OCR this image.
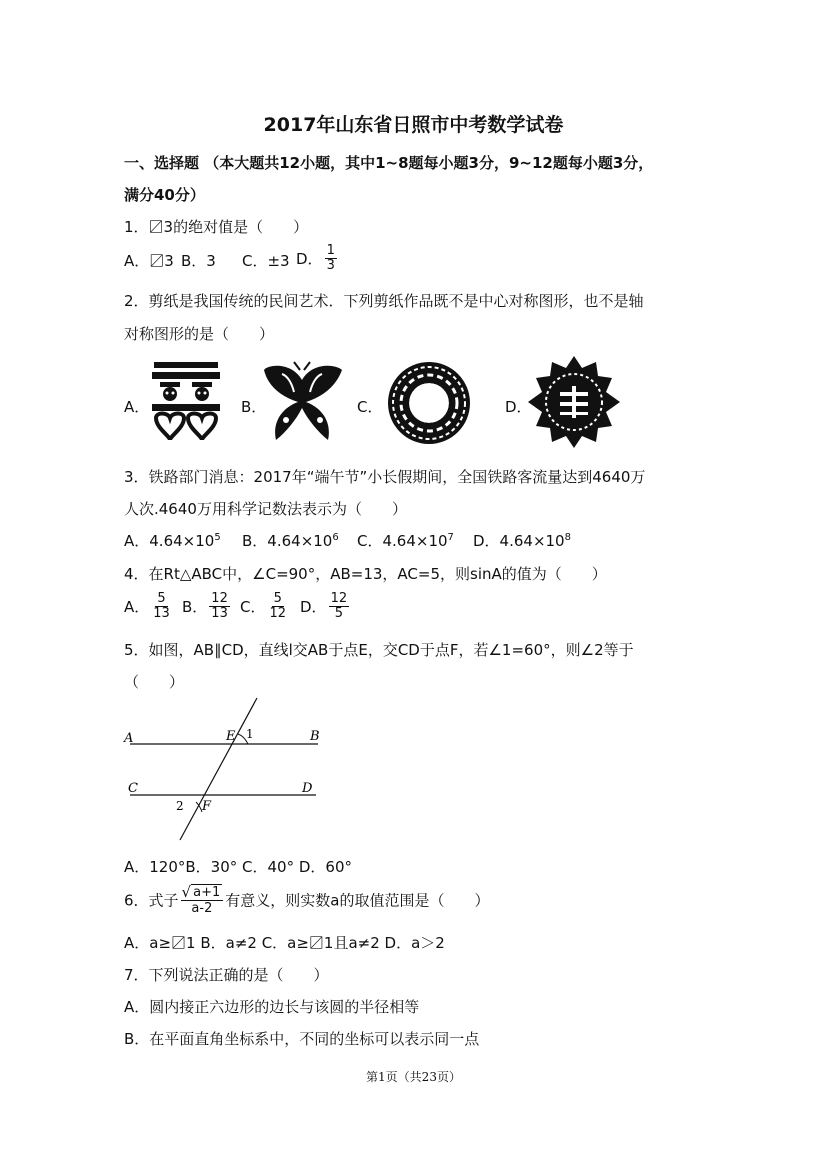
2017年山东省日照市中考数学试卷
一、选择题 （本大题共12小题，其中1~8题每小题3分，9~12题每小题3分，
满分40分）
1．〼3的绝对值是（　　）
A．〼3 B．3 C．±3 D． $\frac{1}{3}$
2．剪纸是我国传统的民间艺术．下列剪纸作品既不是中心对称图形，也不是轴
对称图形的是（　　）
A．	B．	C．	D．
3．铁路部门消息：2017年“端午节”小长假期间，全国铁路客流量达到4640万
人次.4640万用科学记数法表示为（　　）
A．$4.64\times 10^5$ B．$4.64\times 10^6$ C．$4.64\times 10^7$ D．$4.64\times 10^8$
4．在Rt△ABC中，∠C=90°，AB=13，AC=5，则sinA的值为（　　）
A． $\frac{5}{13}$ B． $\frac{12}{13}$ C． $\frac{5}{12}$ D． $\frac{12}{5}$
5．如图，AB∥CD，直线l交AB于点E，交CD于点F，若∠1=60°，则∠2等于
（　　）
A	B
C	D
E 1
F
2
A．120°B．30° C．40° D．60°
6．式子 $\frac{√ a+1}{a-2}$ 有意义，则实数a的取值范围是（　　）
A．a≥〼1 B．a≠2 C．a≥〼1且a≠2 D．a＞2
7．下列说法正确的是（　　）
A．圆内接正六边形的边长与该圆的半径相等
B．在平面直角坐标系中，不同的坐标可以表示同一点
第1页（共23页）
